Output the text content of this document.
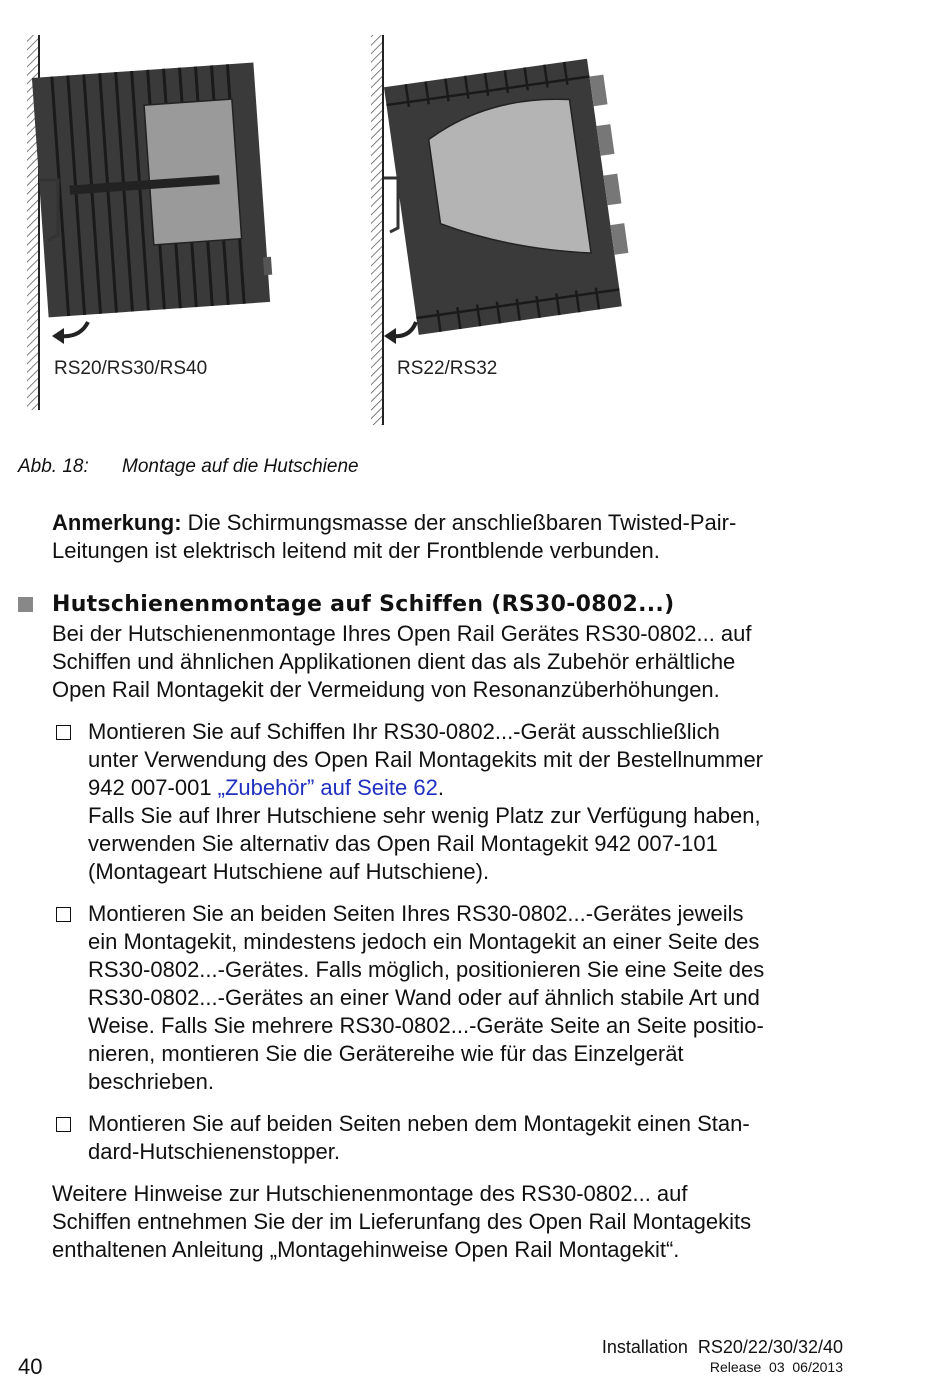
RS20/RS30/RS40	RS22/RS32
Abb. 18: Montage auf die Hutschiene
Anmerkung: Die Schirmungsmasse der anschließbaren Twisted-Pair-
Leitungen ist elektrisch leitend mit der Frontblende verbunden.
Hutschienenmontage auf Schiffen (RS30-0802...)
Bei der Hutschienenmontage Ihres Open Rail Gerätes RS30-0802... auf
Schiffen und ähnlichen Applikationen dient das als Zubehör erhältliche
Open Rail Montagekit der Vermeidung von Resonanzüberhöhungen.
Montieren Sie auf Schiffen Ihr RS30-0802...-Gerät ausschließlich
unter Verwendung des Open Rail Montagekits mit der Bestellnummer
942 007-001 „Zubehör” auf Seite 62.
Falls Sie auf Ihrer Hutschiene sehr wenig Platz zur Verfügung haben,
verwenden Sie alternativ das Open Rail Montagekit 942 007-101
(Montageart Hutschiene auf Hutschiene).
Montieren Sie an beiden Seiten Ihres RS30-0802...-Gerätes jeweils
ein Montagekit, mindestens jedoch ein Montagekit an einer Seite des
RS30-0802...-Gerätes. Falls möglich, positionieren Sie eine Seite des
RS30-0802...-Gerätes an einer Wand oder auf ähnlich stabile Art und
Weise. Falls Sie mehrere RS30-0802...-Geräte Seite an Seite positio-
nieren, montieren Sie die Gerätereihe wie für das Einzelgerät
beschrieben.
Montieren Sie auf beiden Seiten neben dem Montagekit einen Stan-
dard-Hutschienenstopper.
Weitere Hinweise zur Hutschienenmontage des RS30-0802... auf
Schiffen entnehmen Sie der im Lieferunfang des Open Rail Montagekits
enthaltenen Anleitung „Montagehinweise Open Rail Montagekit“.
40
Installation  RS20/22/30/32/40
Release  03  06/2013
